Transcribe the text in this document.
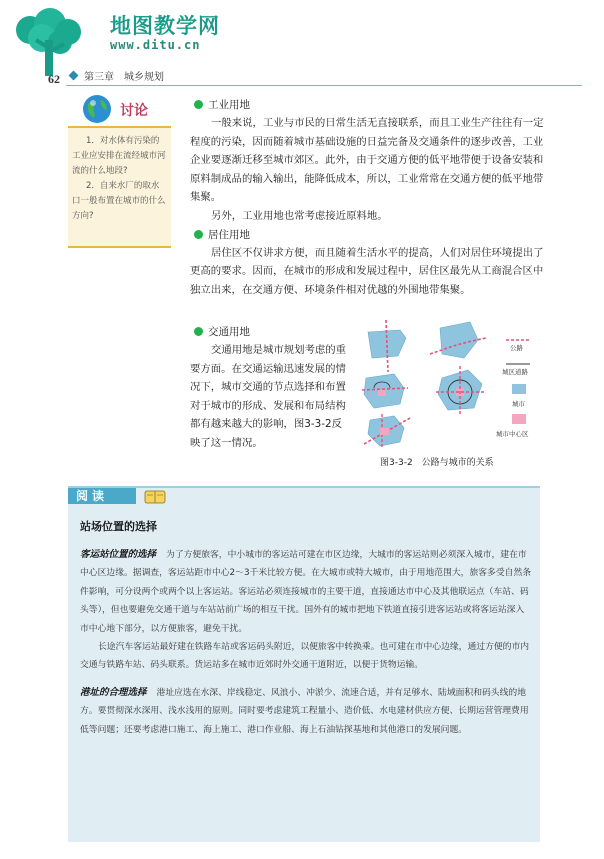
地图教学网
www.ditu.cn
62 第三章　城乡规划
讨论

1．对水体有污染的工业应安排在流经城市河流的什么地段?

2．自来水厂的取水口一般布置在城市的什么方向?

工业用地

一般来说，工业与市民的日常生活无直接联系，而且工业生产往往有一定程度的污染，因而随着城市基础设施的日益完备及交通条件的逐步改善，工业企业要逐渐迁移至城市郊区。此外，由于交通方便的低平地带便于设备安装和原料制成品的输入输出，能降低成本，所以，工业常常在交通方便的低平地带集聚。

另外，工业用地也常考虑接近原料地。

居住用地

居住区不仅讲求方便，而且随着生活水平的提高，人们对居住环境提出了更高的要求。因而，在城市的形成和发展过程中，居住区最先从工商混合区中独立出来，在交通方便、环境条件相对优越的外围地带集聚。

交通用地

交通用地是城市规划考虑的重要方面。在交通运输迅速发展的情况下，城市交通的节点选择和布置对于城市的形成、发展和布局结构都有越来越大的影响，图3-3-2反映了这一情况。

公路
城区道路
城市
城市中心区
图3-3-2　公路与城市的关系
阅读
站场位置的选择

客运站位置的选择 为了方便旅客，中小城市的客运站可建在市区边缘，大城市的客运站则必须深入城市，建在市中心区边缘。据调查，客运站距市中心2～3千米比较方便。在大城市或特大城市，由于用地范围大，旅客多受自然条件影响，可分设两个或两个以上客运站。客运站必须连接城市的主要干道，直接通达市中心及其他联运点（车站、码头等），但也要避免交通干道与车站站前广场的相互干扰。国外有的城市把地下铁道直接引进客运站或将客运站深入市中心地下部分，以方便旅客，避免干扰。

长途汽车客运站最好建在铁路车站或客运码头附近，以便旅客中转换乘。也可建在市中心边缘，通过方便的市内交通与铁路车站、码头联系。货运站多在城市近郊时外交通干道附近，以便于货物运输。

港址的合理选择 港址应选在水深、岸线稳定、风浪小、冲淤少、流速合适，并有足够水、陆域面积和码头线的地方。要贯彻深水深用、浅水浅用的原则。同时要考虑建筑工程量小、造价低、水电建材供应方便、长期运营管理费用低等问题；还要考虑港口施工、海上施工、港口作业船、海上石油钻探基地和其他港口的发展问题。
